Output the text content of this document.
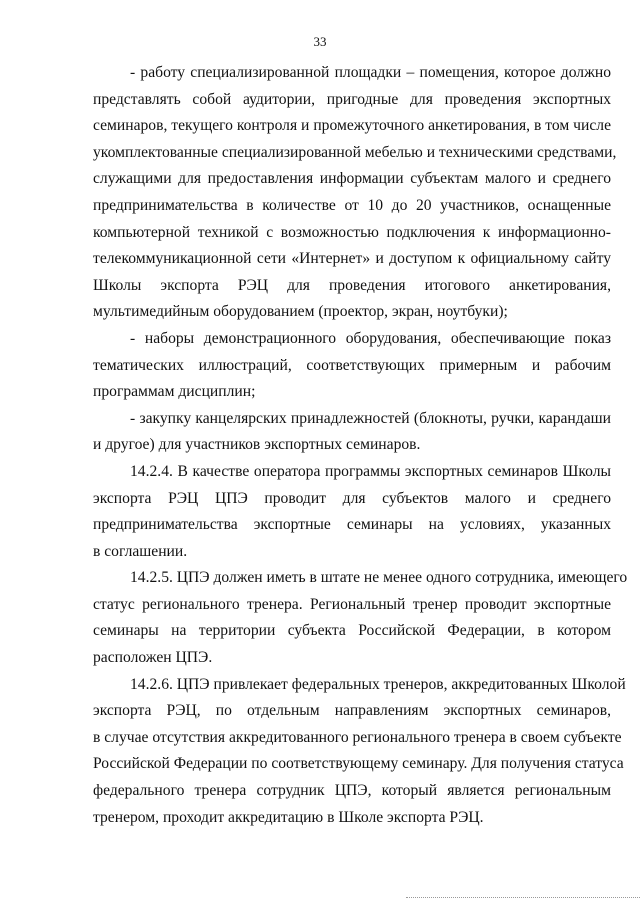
33
- работу специализированной площадки – помещения, которое должно
представлять собой аудитории, пригодные для проведения экспортных
семинаров, текущего контроля и промежуточного анкетирования, в том числе
укомплектованные специализированной мебелью и техническими средствами,
служащими для предоставления информации субъектам малого и среднего
предпринимательства в количестве от 10 до 20 участников, оснащенные
компьютерной техникой с возможностью подключения к информационно-
телекоммуникационной сети «Интернет» и доступом к официальному сайту
Школы экспорта РЭЦ для проведения итогового анкетирования,
мультимедийным оборудованием (проектор, экран, ноутбуки);
- наборы демонстрационного оборудования, обеспечивающие показ
тематических иллюстраций, соответствующих примерным и рабочим
программам дисциплин;
- закупку канцелярских принадлежностей (блокноты, ручки, карандаши
и другое) для участников экспортных семинаров.
14.2.4. В качестве оператора программы экспортных семинаров Школы
экспорта РЭЦ ЦПЭ проводит для субъектов малого и среднего
предпринимательства экспортные семинары на условиях, указанных
в соглашении.
14.2.5. ЦПЭ должен иметь в штате не менее одного сотрудника, имеющего
статус регионального тренера. Региональный тренер проводит экспортные
семинары на территории субъекта Российской Федерации, в котором
расположен ЦПЭ.
14.2.6. ЦПЭ привлекает федеральных тренеров, аккредитованных Школой
экспорта РЭЦ, по отдельным направлениям экспортных семинаров,
в случае отсутствия аккредитованного регионального тренера в своем субъекте
Российской Федерации по соответствующему семинару. Для получения статуса
федерального тренера сотрудник ЦПЭ, который является региональным
тренером, проходит аккредитацию в Школе экспорта РЭЦ.
